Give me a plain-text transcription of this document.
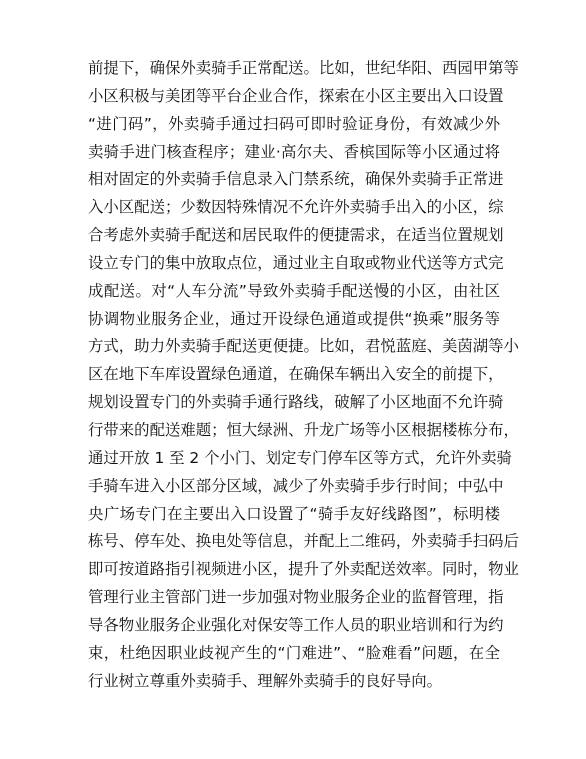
前提下，确保外卖骑手正常配送。比如，世纪华阳、西园甲第等
小区积极与美团等平台企业合作，探索在小区主要出入口设置
“进门码”，外卖骑手通过扫码可即时验证身份，有效减少外
卖骑手进门核查程序；建业·高尔夫、香槟国际等小区通过将
相对固定的外卖骑手信息录入门禁系统，确保外卖骑手正常进
入小区配送；少数因特殊情况不允许外卖骑手出入的小区，综
合考虑外卖骑手配送和居民取件的便捷需求，在适当位置规划
设立专门的集中放取点位，通过业主自取或物业代送等方式完
成配送。对“人车分流”导致外卖骑手配送慢的小区，由社区
协调物业服务企业，通过开设绿色通道或提供“换乘”服务等
方式，助力外卖骑手配送更便捷。比如，君悦蓝庭、美茵湖等小
区在地下车库设置绿色通道，在确保车辆出入安全的前提下，
规划设置专门的外卖骑手通行路线，破解了小区地面不允许骑
行带来的配送难题；恒大绿洲、升龙广场等小区根据楼栋分布，
通过开放 1 至 2 个小门、划定专门停车区等方式，允许外卖骑
手骑车进入小区部分区域，减少了外卖骑手步行时间；中弘中
央广场专门在主要出入口设置了“骑手友好线路图”，标明楼
栋号、停车处、换电处等信息，并配上二维码，外卖骑手扫码后
即可按道路指引视频进小区，提升了外卖配送效率。同时，物业
管理行业主管部门进一步加强对物业服务企业的监督管理，指
导各物业服务企业强化对保安等工作人员的职业培训和行为约
束，杜绝因职业歧视产生的“门难进”、“脸难看”问题，在全
行业树立尊重外卖骑手、理解外卖骑手的良好导向。
